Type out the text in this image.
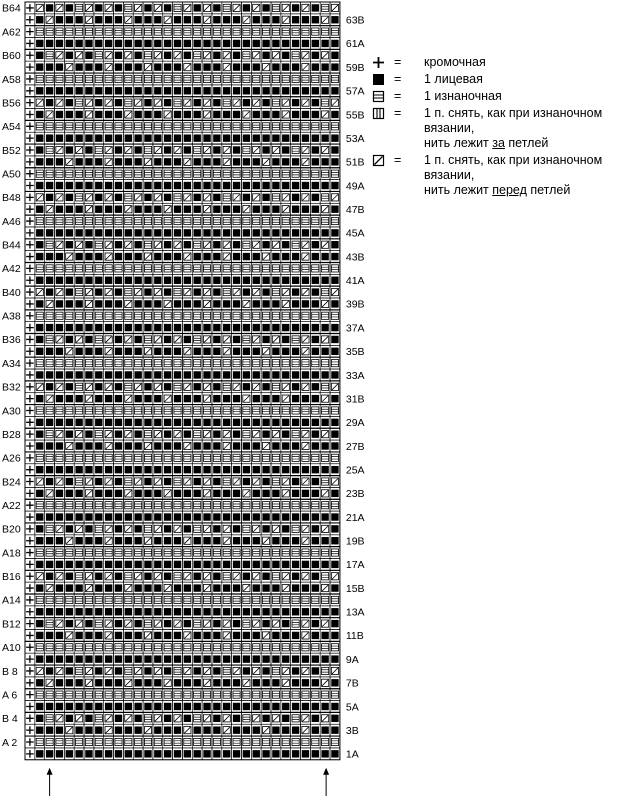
1A
A 2
3B
B 4
5A
A 6
7B
B 8
9A
A10
11B
B12
13A
A14
15B
B16
17A
A18
19B
B20
21A
A22
23B
B24
25A
A26
27B
B28
29A
A30
31B
B32
33A
A34
35B
B36
37A
A38
39B
B40
41A
A42
43B
B44
45A
A46
47B
B48
49A
A50
51B
B52
53A
A54
55B
B56
57A
A58
59B
B60
61A
A62
63B
B64
= кромочная
= 1 лицевая
= 1 изнаночная
= 1 п. снять, как при изнаночном вязании,
нить лежит за петлей
= 1 п. снять, как при изнаночном вязании,
нить лежит перед петлей
